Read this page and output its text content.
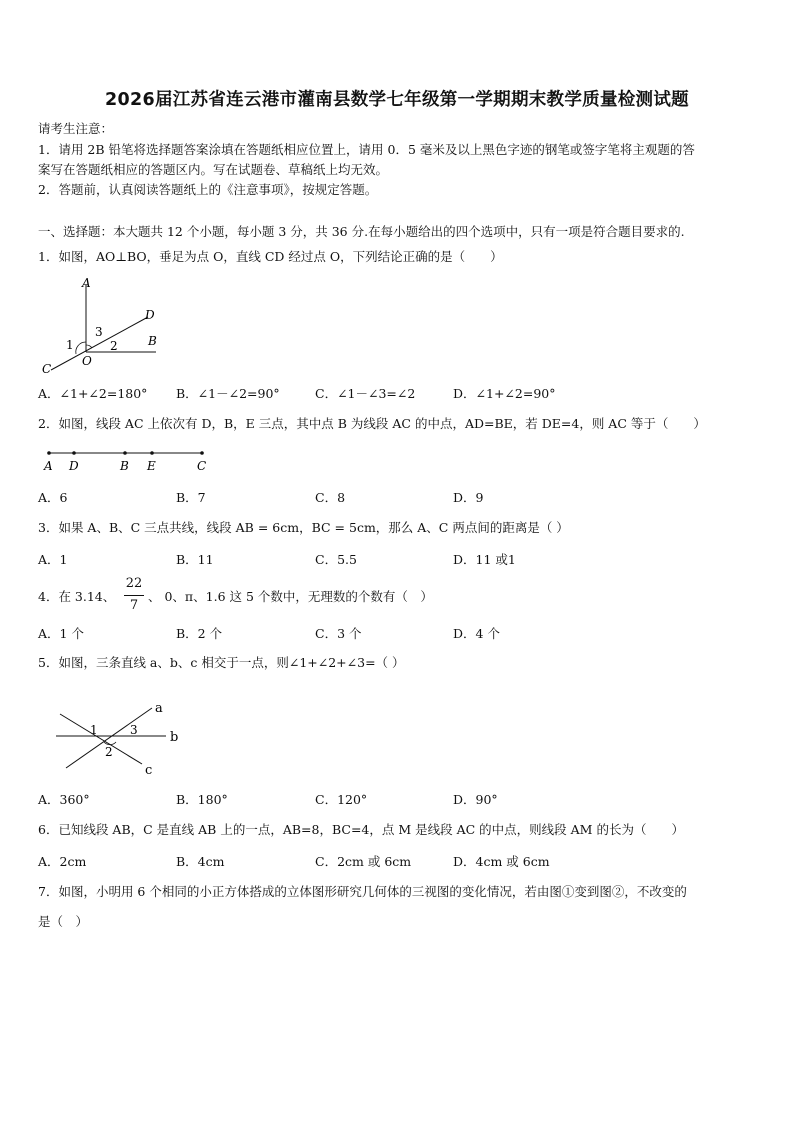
2026届江苏省连云港市灌南县数学七年级第一学期期末教学质量检测试题
请考生注意：
1．请用 2B 铅笔将选择题答案涂填在答题纸相应位置上，请用 0．5 毫米及以上黑色字迹的钢笔或签字笔将主观题的答
案写在答题纸相应的答题区内。写在试题卷、草稿纸上均无效。
2．答题前，认真阅读答题纸上的《注意事项》，按规定答题。
一、选择题：本大题共 12 个小题，每小题 3 分，共 36 分.在每小题给出的四个选项中，只有一项是符合题目要求的.
1．如图，AO⊥BO，垂足为点 O，直线 CD 经过点 O，下列结论正确的是（　　）
A
D
3
1	2	B
O
C
A．∠1+∠2=180° B．∠1－∠2=90°	C．∠1－∠3=∠2	D．∠1+∠2=90°
2．如图，线段 AC 上依次有 D，B，E 三点，其中点 B 为线段 AC 的中点，AD=BE，若 DE=4，则 AC 等于（　　）
A D	B E	C
A．6	B．7	C．8	D．9
3．如果 A、B、C 三点共线，线段 AB = 6cm，BC = 5cm，那么 A、C 两点间的距离是（ ）
A．1	B．11	C．5.5	D．11 或1
4．在 3.14、
22
7
、 0、π、1.6 这 5 个数中，无理数的个数有（　）
A．1 个	B．2 个	C．3 个	D．4 个
5．如图，三条直线 a、b、c 相交于一点，则∠1+∠2+∠3=（ ）
a
1	3 b
2
c
A．360°	B．180°	C．120°	D．90°
6．已知线段 AB，C 是直线 AB 上的一点，AB=8，BC=4，点 M 是线段 AC 的中点，则线段 AM 的长为（　　）
A．2cm	B．4cm	C．2cm 或 6cm	D．4cm 或 6cm
7．如图，小明用 6 个相同的小正方体搭成的立体图形研究几何体的三视图的变化情况，若由图①变到图②，不改变的
是（　）
